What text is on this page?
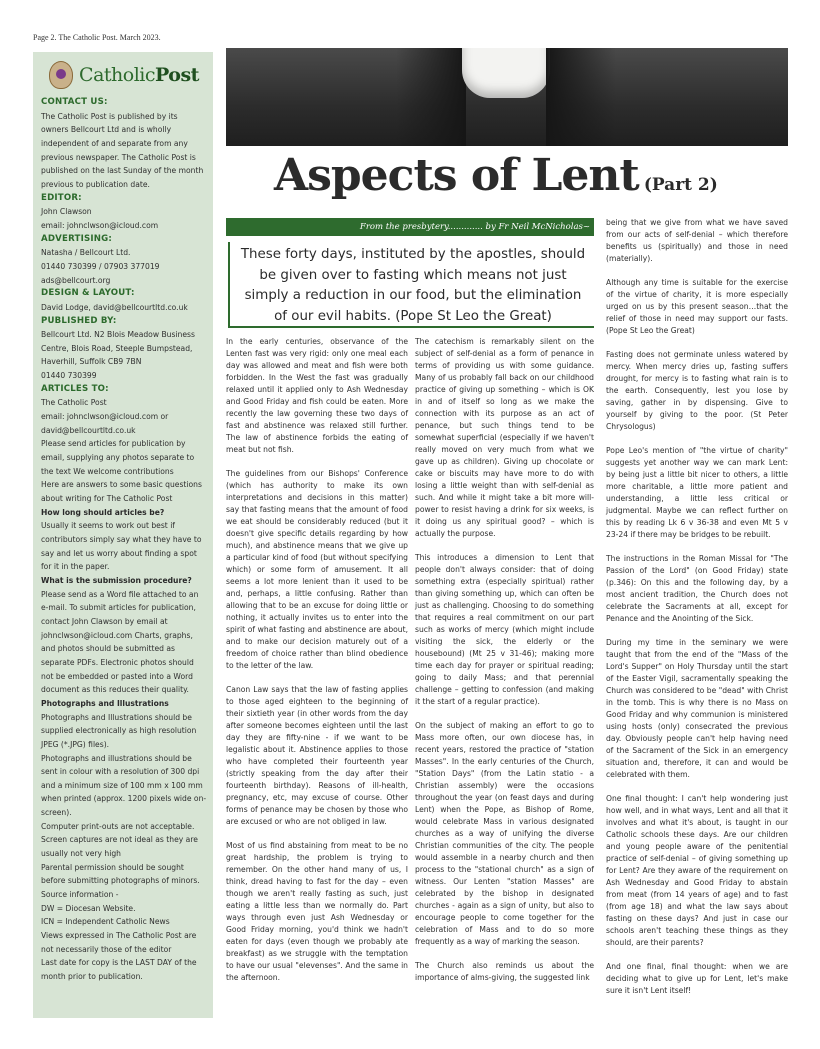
Page 2. The Catholic Post. March 2023.
CatholicPost
CONTACT US:
The Catholic Post is published by its owners Bellcourt Ltd and is wholly independent of and separate from any previous newspaper. The Catholic Post is published on the last Sunday of the month previous to publication date.
EDITOR:
John Clawson
email: johnclwson@icloud.com
ADVERTISING:
Natasha / Bellcourt Ltd.
01440 730399 / 07903 377019
ads@bellcourt.org
DESIGN & LAYOUT:
David Lodge, david@bellcourtltd.co.uk
PUBLISHED BY:
Bellcourt Ltd. N2 Blois Meadow Business Centre, Blois Road, Steeple Bumpstead, Haverhill, Suffolk CB9 7BN
01440 730399
ARTICLES TO:
The Catholic Post
email: johnclwson@icloud.com or david@bellcourtltd.co.uk
Please send articles for publication by email, supplying any photos separate to the text We welcome contributions
Here are answers to some basic questions about writing for The Catholic Post
How long should articles be?
Usually it seems to work out best if contributors simply say what they have to say and let us worry about finding a spot for it in the paper.
What is the submission procedure?
Please send as a Word file attached to an e-mail. To submit articles for publication, contact John Clawson by email at johnclwson@icloud.com Charts, graphs, and photos should be submitted as separate PDFs. Electronic photos should not be embedded or pasted into a Word document as this reduces their quality.
Photographs and Illustrations
Photographs and Illustrations should be supplied electronically as high resolution JPEG (*.JPG) files).
Photographs and illustrations should be sent in colour with a resolution of 300 dpi and a minimum size of 100 mm x 100 mm when printed (approx. 1200 pixels wide on-screen).
Computer print-outs are not acceptable. Screen captures are not ideal as they are usually not very high
Parental permission should be sought before submitting photographs of minors.
Source information -
DW = Diocesan Website.
ICN = Independent Catholic News
Views expressed in The Catholic Post are not necessarily those of the editor
Last date for copy is the LAST DAY of the month prior to publication.
Aspects of Lent (Part 2)
From the presbytery............. by Fr Neil McNicholas~
These forty days, instituted by the apostles, should be given over to fasting which means not just simply a reduction in our food, but the elimination of our evil habits. (Pope St Leo the Great)

In the early centuries, observance of the Lenten fast was very rigid: only one meal each day was allowed and meat and fish were both forbidden. In the West the fast was gradually relaxed until it applied only to Ash Wednesday and Good Friday and fish could be eaten. More recently the law governing these two days of fast and abstinence was relaxed still further. The law of abstinence forbids the eating of meat but not fish.

The guidelines from our Bishops' Conference (which has authority to make its own interpretations and decisions in this matter) say that fasting means that the amount of food we eat should be considerably reduced (but it doesn't give specific details regarding by how much), and abstinence means that we give up a particular kind of food (but without specifying which) or some form of amusement. It all seems a lot more lenient than it used to be and, perhaps, a little confusing. Rather than allowing that to be an excuse for doing little or nothing, it actually invites us to enter into the spirit of what fasting and abstinence are about, and to make our decision maturely out of a freedom of choice rather than blind obedience to the letter of the law.

Canon Law says that the law of fasting applies to those aged eighteen to the beginning of their sixtieth year (in other words from the day after someone becomes eighteen until the last day they are fifty-nine - if we want to be legalistic about it. Abstinence applies to those who have completed their fourteenth year (strictly speaking from the day after their fourteenth birthday). Reasons of ill-health, pregnancy, etc, may excuse of course. Other forms of penance may be chosen by those who are excused or who are not obliged in law.

Most of us find abstaining from meat to be no great hardship, the problem is trying to remember. On the other hand many of us, I think, dread having to fast for the day – even though we aren't really fasting as such, just eating a little less than we normally do. Part ways through even just Ash Wednesday or Good Friday morning, you'd think we hadn't eaten for days (even though we probably ate breakfast) as we struggle with the temptation to have our usual "elevenses". And the same in the afternoon.

The catechism is remarkably silent on the subject of self-denial as a form of penance in terms of providing us with some guidance. Many of us probably fall back on our childhood practice of giving up something – which is OK in and of itself so long as we make the connection with its purpose as an act of penance, but such things tend to be somewhat superficial (especially if we haven't really moved on very much from what we gave up as children). Giving up chocolate or cake or biscuits may have more to do with losing a little weight than with self-denial as such. And while it might take a bit more will-power to resist having a drink for six weeks, is it doing us any spiritual good? – which is actually the purpose.

This introduces a dimension to Lent that people don't always consider: that of doing something extra (especially spiritual) rather than giving something up, which can often be just as challenging. Choosing to do something that requires a real commitment on our part such as works of mercy (which might include visiting the sick, the elderly or the housebound) (Mt 25 v 31-46); making more time each day for prayer or spiritual reading; going to daily Mass; and that perennial challenge – getting to confession (and making it the start of a regular practice).

On the subject of making an effort to go to Mass more often, our own diocese has, in recent years, restored the practice of "station Masses". In the early centuries of the Church, "Station Days" (from the Latin statio - a Christian assembly) were the occasions throughout the year (on feast days and during Lent) when the Pope, as Bishop of Rome, would celebrate Mass in various designated churches as a way of unifying the diverse Christian communities of the city. The people would assemble in a nearby church and then process to the "stational church" as a sign of witness. Our Lenten "station Masses" are celebrated by the bishop in designated churches - again as a sign of unity, but also to encourage people to come together for the celebration of Mass and to do so more frequently as a way of marking the season.

The Church also reminds us about the importance of alms-giving, the suggested link

being that we give from what we have saved from our acts of self-denial – which therefore benefits us (spiritually) and those in need (materially).

Although any time is suitable for the exercise of the virtue of charity, it is more especially urged on us by this present season…that the relief of those in need may support our fasts. (Pope St Leo the Great)

Fasting does not germinate unless watered by mercy. When mercy dries up, fasting suffers drought, for mercy is to fasting what rain is to the earth. Consequently, lest you lose by saving, gather in by dispensing. Give to yourself by giving to the poor. (St Peter Chrysologus)

Pope Leo's mention of "the virtue of charity" suggests yet another way we can mark Lent: by being just a little bit nicer to others, a little more charitable, a little more patient and understanding, a little less critical or judgmental. Maybe we can reflect further on this by reading Lk 6 v 36-38 and even Mt 5 v 23-24 if there may be bridges to be rebuilt.

The instructions in the Roman Missal for "The Passion of the Lord" (on Good Friday) state (p.346): On this and the following day, by a most ancient tradition, the Church does not celebrate the Sacraments at all, except for Penance and the Anointing of the Sick.

During my time in the seminary we were taught that from the end of the "Mass of the Lord's Supper" on Holy Thursday until the start of the Easter Vigil, sacramentally speaking the Church was considered to be "dead" with Christ in the tomb. This is why there is no Mass on Good Friday and why communion is ministered using hosts (only) consecrated the previous day. Obviously people can't help having need of the Sacrament of the Sick in an emergency situation and, therefore, it can and would be celebrated with them.

One final thought: I can't help wondering just how well, and in what ways, Lent and all that it involves and what it's about, is taught in our Catholic schools these days. Are our children and young people aware of the penitential practice of self-denial – of giving something up for Lent? Are they aware of the requirement on Ash Wednesday and Good Friday to abstain from meat (from 14 years of age) and to fast (from age 18) and what the law says about fasting on these days? And just in case our schools aren't teaching these things as they should, are their parents?

And one final, final thought: when we are deciding what to give up for Lent, let's make sure it isn't Lent itself!
